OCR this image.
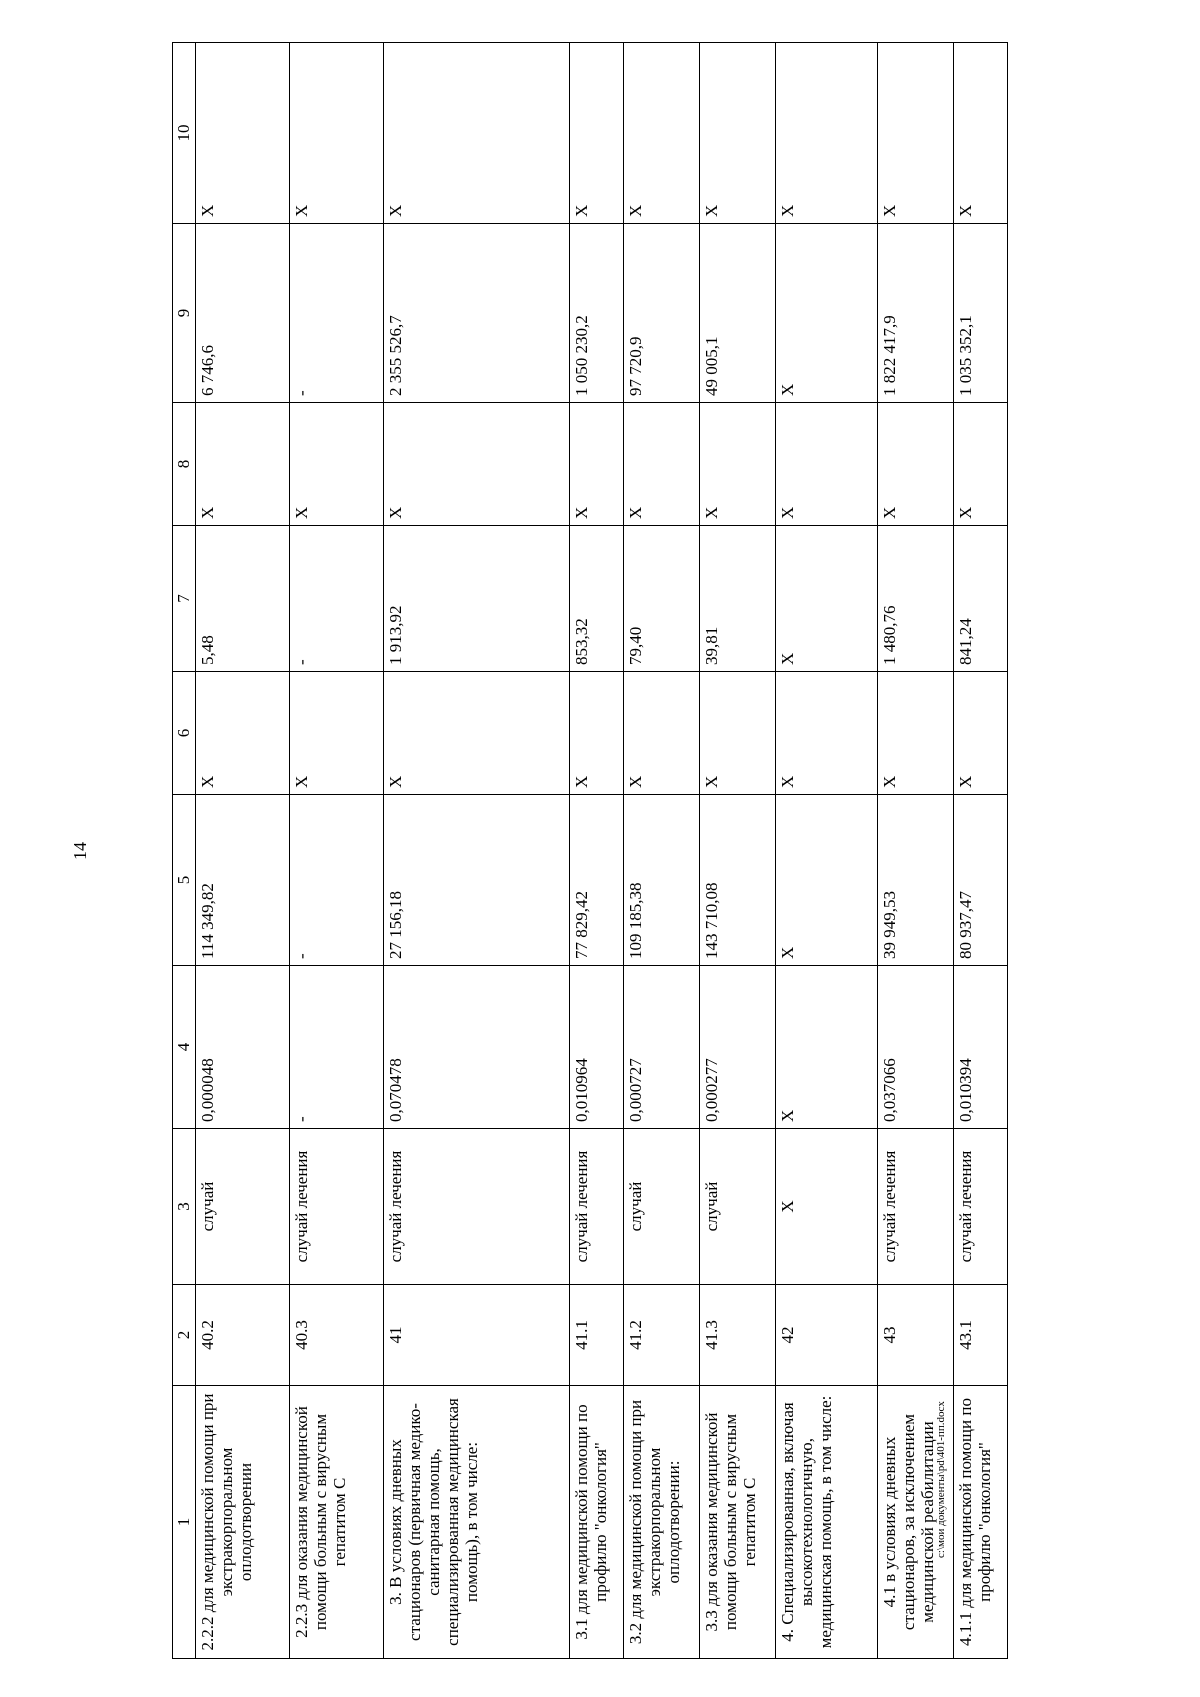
14
1	2	3	4	5	6	7	8	9	10
2.2.2 для медицинской помощи при экстракорпоральном оплодотворении	40.2	случай	0,000048	114 349,82	X	5,48	X	6 746,6	X
2.2.3 для оказания медицинской помощи больным с вирусным гепатитом С	40.3	случай лечения	-	-	X	-	X	-	X
3. В условиях дневных стационаров (первичная медико-санитарная помощь, специализированная медицинская помощь), в том числе:	41	случай лечения	0,070478	27 156,18	X	1 913,92	X	2 355 526,7	X
3.1 для медицинской помощи по профилю "онкология"	41.1	случай лечения	0,010964	77 829,42	X	853,32	X	1 050 230,2	X
3.2 для медицинской помощи при экстракорпоральном оплодотворении:	41.2	случай	0,000727	109 185,38	X	79,40	X	97 720,9	X
3.3 для оказания медицинской помощи больным с вирусным гепатитом С	41.3	случай	0,000277	143 710,08	X	39,81	X	49 005,1	X
4. Специализированная, включая высокотехнологичную, медицинская помощь, в том числе:	42	X	X	X	X	X	X	X	X
4.1 в условиях дневных стационаров, за исключением медицинской реабилитации	43	случай лечения	0,037066	39 949,53	X	1 480,76	X	1 822 417,9	X
4.1.1 для медицинской помощи по профилю "онкология"	43.1	случай лечения	0,010394	80 937,47	X	841,24	X	1 035 352,1	X
c:\мои документы\pd\401-пп.docx
